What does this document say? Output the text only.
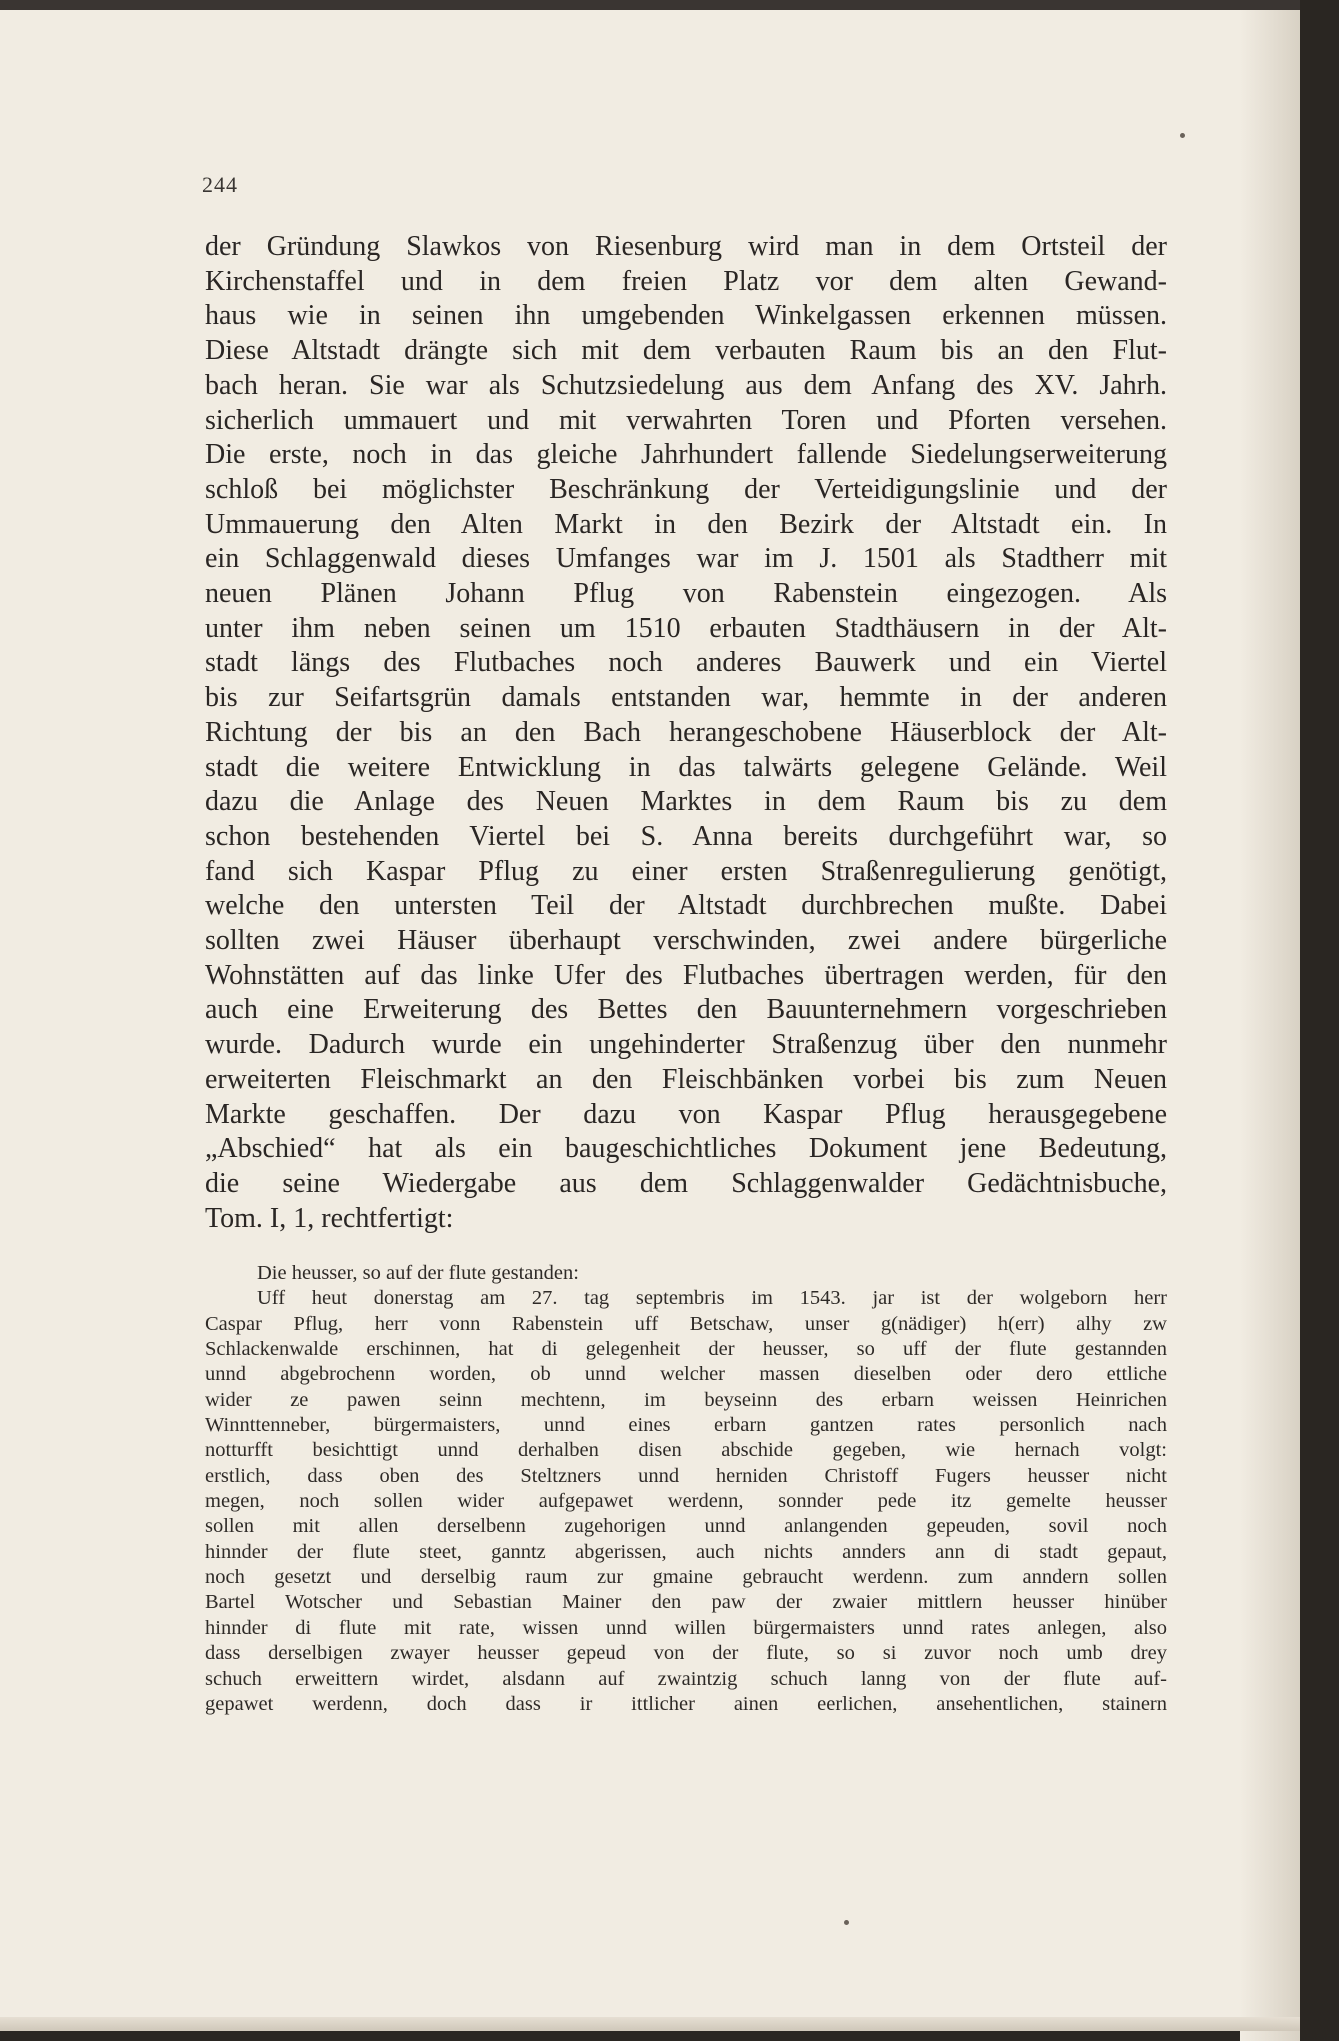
244
der Gründung Slawkos von Riesenburg wird man in dem Ortsteil der
Kirchenstaffel und in dem freien Platz vor dem alten Gewand-
haus wie in seinen ihn umgebenden Winkelgassen erkennen müssen.
Diese Altstadt drängte sich mit dem verbauten Raum bis an den Flut-
bach heran. Sie war als Schutzsiedelung aus dem Anfang des XV. Jahrh.
sicherlich ummauert und mit verwahrten Toren und Pforten versehen.
Die erste, noch in das gleiche Jahrhundert fallende Siedelungserweiterung
schloß bei möglichster Beschränkung der Verteidigungslinie und der
Ummauerung den Alten Markt in den Bezirk der Altstadt ein. In
ein Schlaggenwald dieses Umfanges war im J. 1501 als Stadtherr mit
neuen Plänen Johann Pflug von Rabenstein eingezogen. Als
unter ihm neben seinen um 1510 erbauten Stadthäusern in der Alt-
stadt längs des Flutbaches noch anderes Bauwerk und ein Viertel
bis zur Seifartsgrün damals entstanden war, hemmte in der anderen
Richtung der bis an den Bach herangeschobene Häuserblock der Alt-
stadt die weitere Entwicklung in das talwärts gelegene Gelände. Weil
dazu die Anlage des Neuen Marktes in dem Raum bis zu dem
schon bestehenden Viertel bei S. Anna bereits durchgeführt war, so
fand sich Kaspar Pflug zu einer ersten Straßenregulierung genötigt,
welche den untersten Teil der Altstadt durchbrechen mußte. Dabei
sollten zwei Häuser überhaupt verschwinden, zwei andere bürgerliche
Wohnstätten auf das linke Ufer des Flutbaches übertragen werden, für den
auch eine Erweiterung des Bettes den Bauunternehmern vorgeschrieben
wurde. Dadurch wurde ein ungehinderter Straßenzug über den nunmehr
erweiterten Fleischmarkt an den Fleischbänken vorbei bis zum Neuen
Markte geschaffen. Der dazu von Kaspar Pflug herausgegebene
„Abschied“ hat als ein baugeschichtliches Dokument jene Bedeutung,
die seine Wiedergabe aus dem Schlaggenwalder Gedächtnisbuche,
Tom. I, 1, rechtfertigt:
Die heusser, so auf der flute gestanden:
Uff heut donerstag am 27. tag septembris im 1543. jar ist der wolgeborn herr
Caspar Pflug, herr vonn Rabenstein uff Betschaw, unser g(nädiger) h(err) alhy zw
Schlackenwalde erschinnen, hat di gelegenheit der heusser, so uff der flute gestannden
unnd abgebrochenn worden, ob unnd welcher massen dieselben oder dero ettliche
wider ze pawen seinn mechtenn, im beyseinn des erbarn weissen Heinrichen
Winnttenneber, bürgermaisters, unnd eines erbarn gantzen rates personlich nach
notturfft besichttigt unnd derhalben disen abschide gegeben, wie hernach volgt:
erstlich, dass oben des Steltzners unnd herniden Christoff Fugers heusser nicht
megen, noch sollen wider aufgepawet werdenn, sonnder pede itz gemelte heusser
sollen mit allen derselbenn zugehorigen unnd anlangenden gepeuden, sovil noch
hinnder der flute steet, ganntz abgerissen, auch nichts annders ann di stadt gepaut,
noch gesetzt und derselbig raum zur gmaine gebraucht werdenn. zum anndern sollen
Bartel Wotscher und Sebastian Mainer den paw der zwaier mittlern heusser hinüber
hinnder di flute mit rate, wissen unnd willen bürgermaisters unnd rates anlegen, also
dass derselbigen zwayer heusser gepeud von der flute, so si zuvor noch umb drey
schuch erweittern wirdet, alsdann auf zwaintzig schuch lanng von der flute auf-
gepawet werdenn, doch dass ir ittlicher ainen eerlichen, ansehentlichen, stainern
